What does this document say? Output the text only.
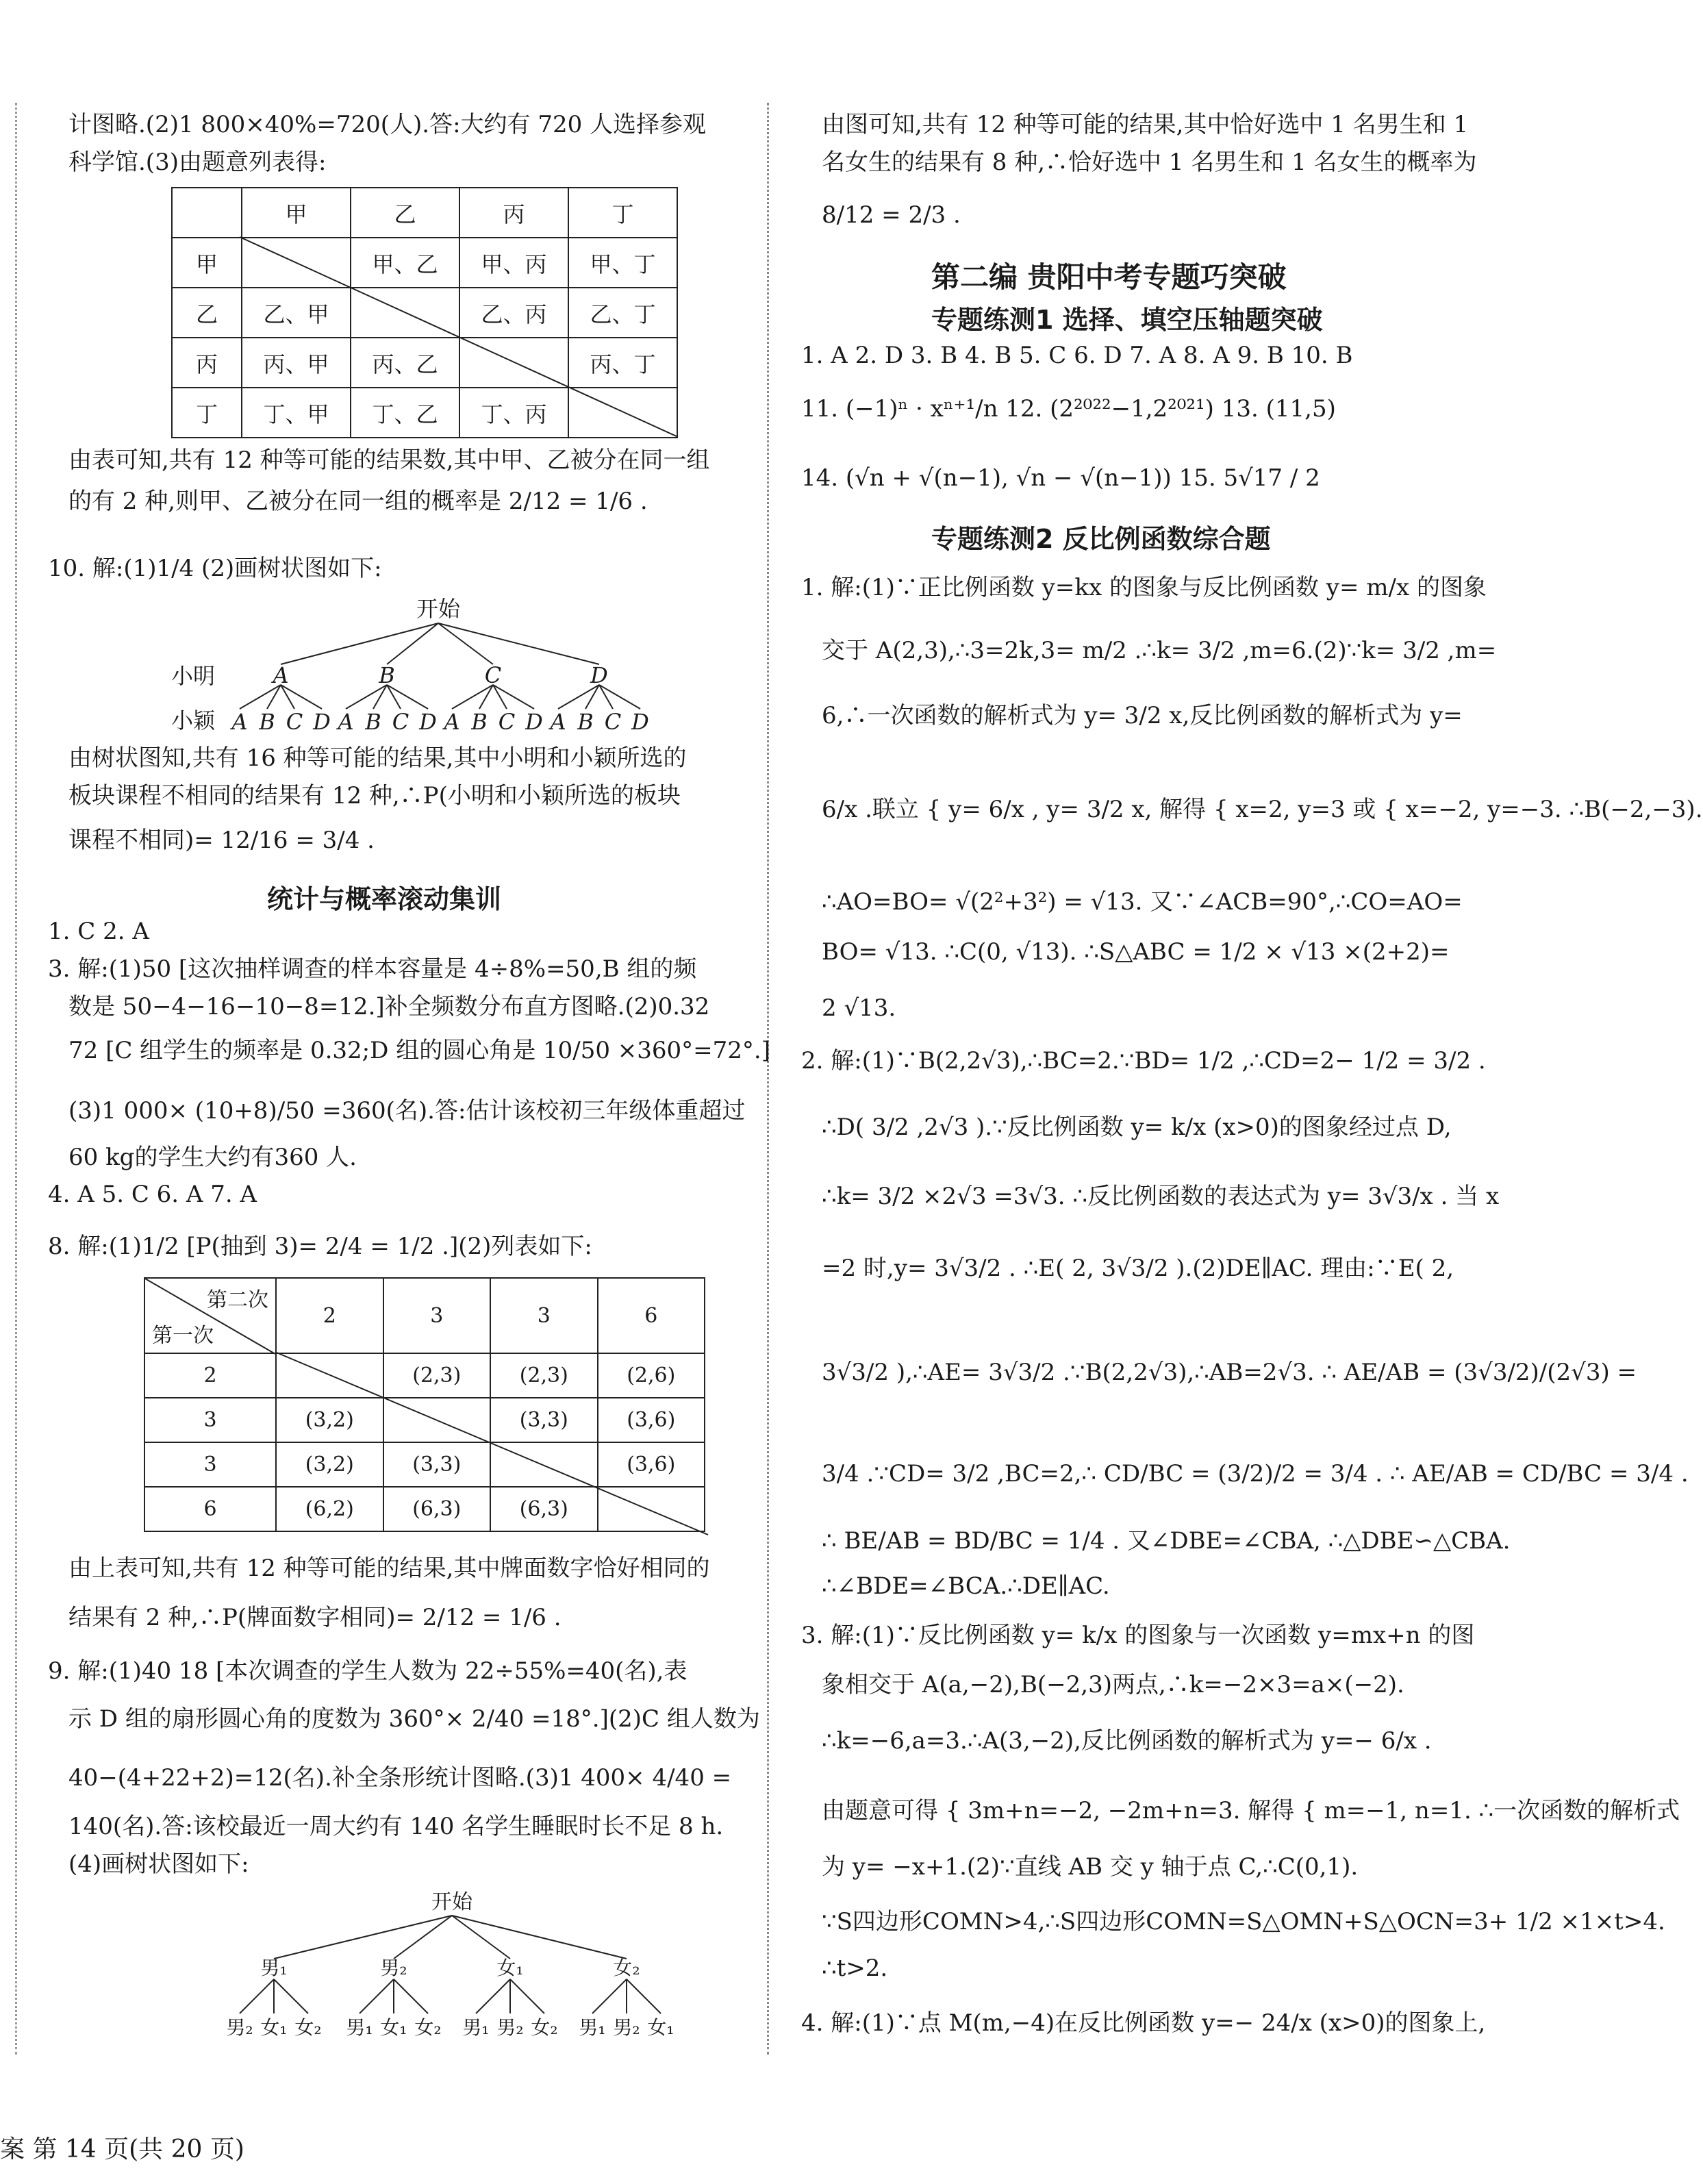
计图略.(2)1 800×40%=720(人).答:大约有 720 人选择参观
科学馆.(3)由题意列表得:
	甲	乙	丙	丁
甲		甲、乙	甲、丙	甲、丁
乙	乙、甲		乙、丙	乙、丁
丙	丙、甲	丙、乙		丙、丁
丁	丁、甲	丁、乙	丁、丙	
由表可知,共有 12 种等可能的结果数,其中甲、乙被分在同一组
的有 2 种,则甲、乙被分在同一组的概率是 2/12 = 1/6 .
10. 解:(1)1/4 (2)画树状图如下:
开始
小明
小颖
A	B	C	D
A B C D A B C D A B C D A B C D
由树状图知,共有 16 种等可能的结果,其中小明和小颖所选的
板块课程不相同的结果有 12 种,∴P(小明和小颖所选的板块
课程不相同)= 12/16 = 3/4 .
统计与概率滚动集训
1. C 2. A
3. 解:(1)50 [这次抽样调查的样本容量是 4÷8%=50,B 组的频
数是 50−4−16−10−8=12.]补全频数分布直方图略.(2)0.32
72 [C 组学生的频率是 0.32;D 组的圆心角是 10/50 ×360°=72°.]
(3)1 000× (10+8)/50 =360(名).答:估计该校初三年级体重超过
60 kg的学生大约有360 人.
4. A 5. C 6. A 7. A
8. 解:(1)1/2 [P(抽到 3)= 2/4 = 1/2 .](2)列表如下:
第二次
第一次	2	3	3	6
2		(2,3)	(2,3)	(2,6)
3	(3,2)		(3,3)	(3,6)
3	(3,2)	(3,3)		(3,6)
6	(6,2)	(6,3)	(6,3)	
由上表可知,共有 12 种等可能的结果,其中牌面数字恰好相同的
结果有 2 种,∴P(牌面数字相同)= 2/12 = 1/6 .
9. 解:(1)40 18 [本次调查的学生人数为 22÷55%=40(名),表
示 D 组的扇形圆心角的度数为 360°× 2/40 =18°.](2)C 组人数为
40−(4+22+2)=12(名).补全条形统计图略.(3)1 400× 4/40 =
140(名).答:该校最近一周大约有 140 名学生睡眠时长不足 8 h.
(4)画树状图如下:
开始
男₁	男₂	女₁	女₂
男₂ 女₁ 女₂ 男₁ 女₁ 女₂ 男₁ 男₂ 女₂ 男₁ 男₂ 女₁
由图可知,共有 12 种等可能的结果,其中恰好选中 1 名男生和 1
名女生的结果有 8 种,∴恰好选中 1 名男生和 1 名女生的概率为
8/12 = 2/3 .
第二编 贵阳中考专题巧突破
专题练测1 选择、填空压轴题突破
1. A 2. D 3. B 4. B 5. C 6. D 7. A 8. A 9. B 10. B
11. (−1)ⁿ · xⁿ⁺¹/n 12. (2²⁰²²−1,2²⁰²¹) 13. (11,5)
14. (√n + √(n−1), √n − √(n−1)) 15. 5√17 / 2
专题练测2 反比例函数综合题
1. 解:(1)∵正比例函数 y=kx 的图象与反比例函数 y= m/x 的图象
交于 A(2,3),∴3=2k,3= m/2 .∴k= 3/2 ,m=6.(2)∵k= 3/2 ,m=
6,∴一次函数的解析式为 y= 3/2 x,反比例函数的解析式为 y=
6/x .联立 { y= 6/x , y= 3/2 x, 解得 { x=2, y=3 或 { x=−2, y=−3. ∴B(−2,−3).
∴AO=BO= √(2²+3²) = √13. 又∵∠ACB=90°,∴CO=AO=
BO= √13. ∴C(0, √13). ∴S△ABC = 1/2 × √13 ×(2+2)=
2 √13.
2. 解:(1)∵B(2,2√3),∴BC=2.∵BD= 1/2 ,∴CD=2− 1/2 = 3/2 .
∴D( 3/2 ,2√3 ).∵反比例函数 y= k/x (x>0)的图象经过点 D,
∴k= 3/2 ×2√3 =3√3. ∴反比例函数的表达式为 y= 3√3/x . 当 x
=2 时,y= 3√3/2 . ∴E( 2, 3√3/2 ).(2)DE∥AC. 理由:∵E( 2,
3√3/2 ),∴AE= 3√3/2 .∵B(2,2√3),∴AB=2√3. ∴ AE/AB = (3√3/2)/(2√3) =
3/4 .∵CD= 3/2 ,BC=2,∴ CD/BC = (3/2)/2 = 3/4 . ∴ AE/AB = CD/BC = 3/4 .
∴ BE/AB = BD/BC = 1/4 . 又∠DBE=∠CBA, ∴△DBE∽△CBA.
∴∠BDE=∠BCA.∴DE∥AC.
3. 解:(1)∵反比例函数 y= k/x 的图象与一次函数 y=mx+n 的图
象相交于 A(a,−2),B(−2,3)两点,∴k=−2×3=a×(−2).
∴k=−6,a=3.∴A(3,−2),反比例函数的解析式为 y=− 6/x .
由题意可得 { 3m+n=−2, −2m+n=3. 解得 { m=−1, n=1. ∴一次函数的解析式
为 y= −x+1.(2)∵直线 AB 交 y 轴于点 C,∴C(0,1).
∵S四边形COMN>4,∴S四边形COMN=S△OMN+S△OCN=3+ 1/2 ×1×t>4.
∴t>2.
4. 解:(1)∵点 M(m,−4)在反比例函数 y=− 24/x (x>0)的图象上,
案 第 14 页(共 20 页)
